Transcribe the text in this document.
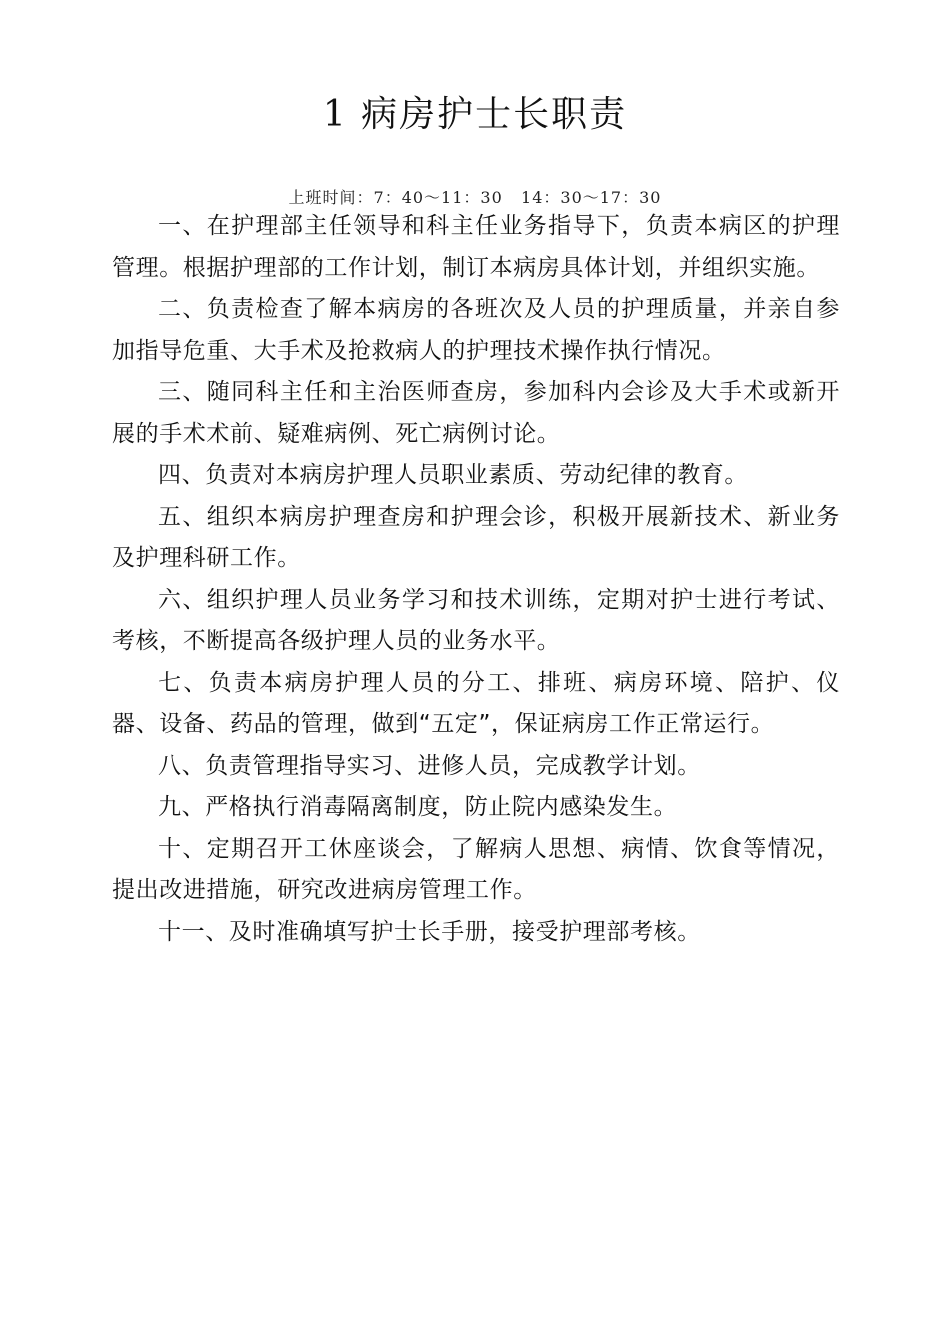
1 病房护士长职责
上班时间：7：40～11：30   14：30～17：30
一、在护理部主任领导和科主任业务指导下，负责本病区的护理管理。根据护理部的工作计划，制订本病房具体计划，并组织实施。
二、负责检查了解本病房的各班次及人员的护理质量，并亲自参加指导危重、大手术及抢救病人的护理技术操作执行情况。
三、随同科主任和主治医师查房，参加科内会诊及大手术或新开展的手术术前、疑难病例、死亡病例讨论。
四、负责对本病房护理人员职业素质、劳动纪律的教育。
五、组织本病房护理查房和护理会诊，积极开展新技术、新业务及护理科研工作。
六、组织护理人员业务学习和技术训练，定期对护士进行考试、考核，不断提高各级护理人员的业务水平。
七、负责本病房护理人员的分工、排班、病房环境、陪护、仪器、设备、药品的管理，做到“五定”，保证病房工作正常运行。
八、负责管理指导实习、进修人员，完成教学计划。
九、严格执行消毒隔离制度，防止院内感染发生。
十、定期召开工休座谈会，了解病人思想、病情、饮食等情况，提出改进措施，研究改进病房管理工作。
十一、及时准确填写护士长手册，接受护理部考核。
